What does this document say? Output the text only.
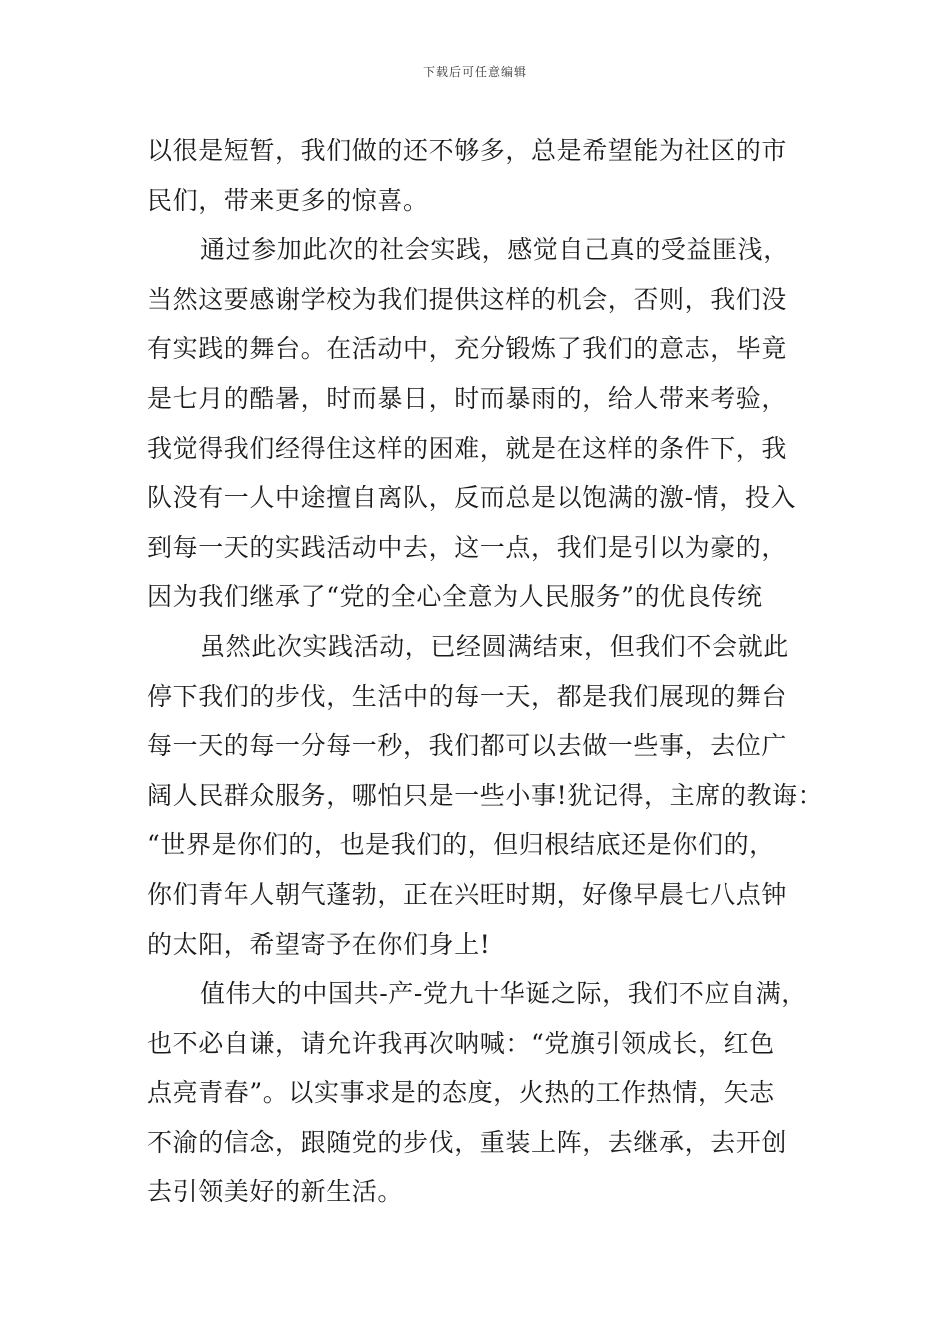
下载后可任意编辑
以很是短暂，我们做的还不够多，总是希望能为社区的市
民们，带来更多的惊喜。
通过参加此次的社会实践，感觉自己真的受益匪浅，
当然这要感谢学校为我们提供这样的机会，否则，我们没
有实践的舞台。在活动中，充分锻炼了我们的意志，毕竟
是七月的酷暑，时而暴日，时而暴雨的，给人带来考验，
我觉得我们经得住这样的困难，就是在这样的条件下，我
队没有一人中途擅自离队，反而总是以饱满的激-情，投入
到每一天的实践活动中去，这一点，我们是引以为豪的，
因为我们继承了“党的全心全意为人民服务”的优良传统
虽然此次实践活动，已经圆满结束，但我们不会就此
停下我们的步伐，生活中的每一天，都是我们展现的舞台
每一天的每一分每一秒，我们都可以去做一些事，去位广
阔人民群众服务，哪怕只是一些小事!犹记得，主席的教诲：
“世界是你们的，也是我们的，但归根结底还是你们的，
你们青年人朝气蓬勃，正在兴旺时期，好像早晨七八点钟
的太阳，希望寄予在你们身上!
值伟大的中国共-产-党九十华诞之际，我们不应自满，
也不必自谦，请允许我再次呐喊：“党旗引领成长，红色
点亮青春”。以实事求是的态度，火热的工作热情，矢志
不渝的信念，跟随党的步伐，重装上阵，去继承，去开创
去引领美好的新生活。
